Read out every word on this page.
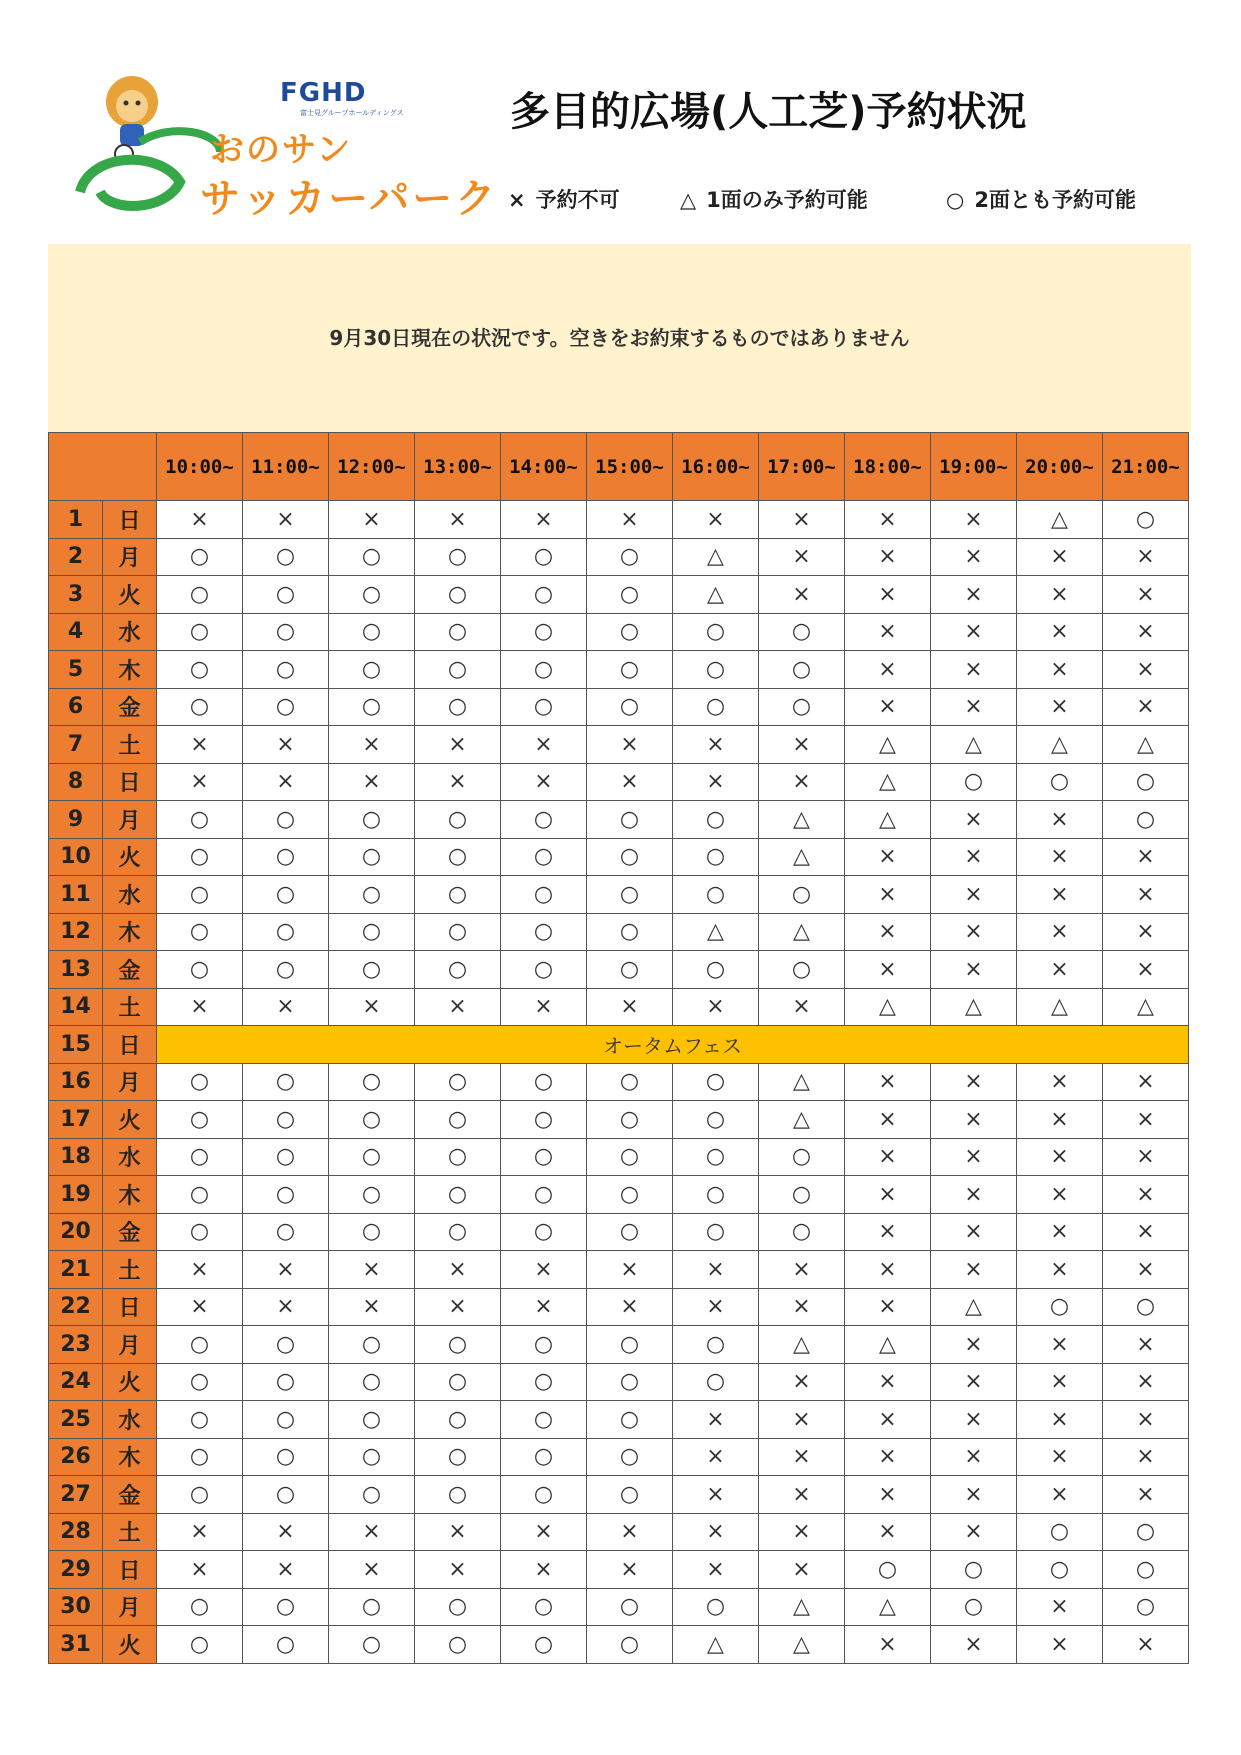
FGHD
富士見グループホールディングス
おのサン
サッカーパーク
多目的広場(人工芝)予約状況
× 予約不可	△ 1面のみ予約可能	○ 2面とも予約可能
9月30日現在の状況です。空きをお約束するものではありません
		10:00~	11:00~	12:00~	13:00~	14:00~	15:00~	16:00~	17:00~	18:00~	19:00~	20:00~	21:00~
1	日	×	×	×	×	×	×	×	×	×	×	△	○
2	月	○	○	○	○	○	○	△	×	×	×	×	×
3	火	○	○	○	○	○	○	△	×	×	×	×	×
4	水	○	○	○	○	○	○	○	○	×	×	×	×
5	木	○	○	○	○	○	○	○	○	×	×	×	×
6	金	○	○	○	○	○	○	○	○	×	×	×	×
7	土	×	×	×	×	×	×	×	×	△	△	△	△
8	日	×	×	×	×	×	×	×	×	△	○	○	○
9	月	○	○	○	○	○	○	○	△	△	×	×	○
10	火	○	○	○	○	○	○	○	△	×	×	×	×
11	水	○	○	○	○	○	○	○	○	×	×	×	×
12	木	○	○	○	○	○	○	△	△	×	×	×	×
13	金	○	○	○	○	○	○	○	○	×	×	×	×
14	土	×	×	×	×	×	×	×	×	△	△	△	△
15	日	オータムフェス											
16	月	○	○	○	○	○	○	○	△	×	×	×	×
17	火	○	○	○	○	○	○	○	△	×	×	×	×
18	水	○	○	○	○	○	○	○	○	×	×	×	×
19	木	○	○	○	○	○	○	○	○	×	×	×	×
20	金	○	○	○	○	○	○	○	○	×	×	×	×
21	土	×	×	×	×	×	×	×	×	×	×	×	×
22	日	×	×	×	×	×	×	×	×	×	△	○	○
23	月	○	○	○	○	○	○	○	△	△	×	×	×
24	火	○	○	○	○	○	○	○	×	×	×	×	×
25	水	○	○	○	○	○	○	×	×	×	×	×	×
26	木	○	○	○	○	○	○	×	×	×	×	×	×
27	金	○	○	○	○	○	○	×	×	×	×	×	×
28	土	×	×	×	×	×	×	×	×	×	×	○	○
29	日	×	×	×	×	×	×	×	×	○	○	○	○
30	月	○	○	○	○	○	○	○	△	△	○	×	○
31	火	○	○	○	○	○	○	△	△	×	×	×	×
